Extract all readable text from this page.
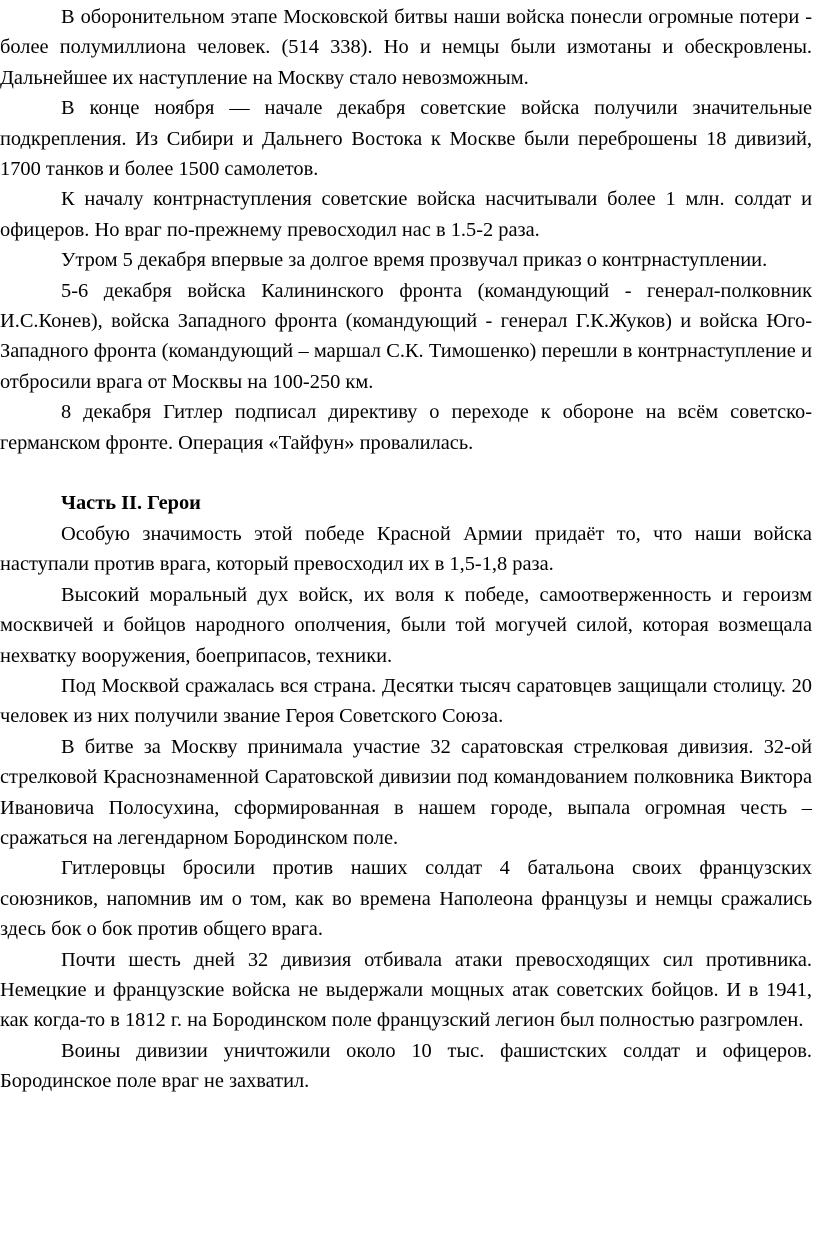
В оборонительном этапе Московской битвы наши войска понесли огромные потери - более полумиллиона человек. (514 338). Но и немцы были измотаны и обескровлены. Дальнейшее их наступление на Москву стало невозможным.

В конце ноября — начале декабря советские войска получили значительные подкрепления. Из Сибири и Дальнего Востока к Москве были переброшены 18 дивизий, 1700 танков и более 1500 самолетов.

К началу контрнаступления советские войска насчитывали более 1 млн. солдат и офицеров. Но враг по-прежнему превосходил нас в 1.5-2 раза.

Утром 5 декабря впервые за долгое время прозвучал приказ о контрнаступлении.

5-6 декабря войска Калининского фронта (командующий - генерал-полковник И.С.Конев), войска Западного фронта (командующий - генерал Г.К.Жуков) и войска Юго-Западного фронта (командующий – маршал С.К. Тимошенко) перешли в контрнаступление и отбросили врага от Москвы на 100-250 км.

8 декабря Гитлер подписал директиву о переходе к обороне на всём советско-германском фронте. Операция «Тайфун» провалилась.

Часть II. Герои

Особую значимость этой победе Красной Армии придаёт то, что наши войска наступали против врага, который превосходил их в 1,5-1,8 раза.

Высокий моральный дух войск, их воля к победе, самоотверженность и героизм москвичей и бойцов народного ополчения, были той могучей силой, которая возмещала нехватку вооружения, боеприпасов, техники.

Под Москвой сражалась вся страна. Десятки тысяч саратовцев защищали столицу. 20 человек из них получили звание Героя Советского Союза.

В битве за Москву принимала участие 32 саратовская стрелковая дивизия. 32-ой стрелковой Краснознаменной Саратовской дивизии под командованием полковника Виктора Ивановича Полосухина, сформированная в нашем городе, выпала огромная честь – сражаться на легендарном Бородинском поле.

Гитлеровцы бросили против наших солдат 4 батальона своих французских союзников, напомнив им о том, как во времена Наполеона французы и немцы сражались здесь бок о бок против общего врага.

Почти шесть дней 32 дивизия отбивала атаки превосходящих сил противника. Немецкие и французские войска не выдержали мощных атак советских бойцов. И в 1941, как когда-то в 1812 г. на Бородинском поле французский легион был полностью разгромлен.

Воины дивизии уничтожили около 10 тыс. фашистских солдат и офицеров. Бородинское поле враг не захватил.
